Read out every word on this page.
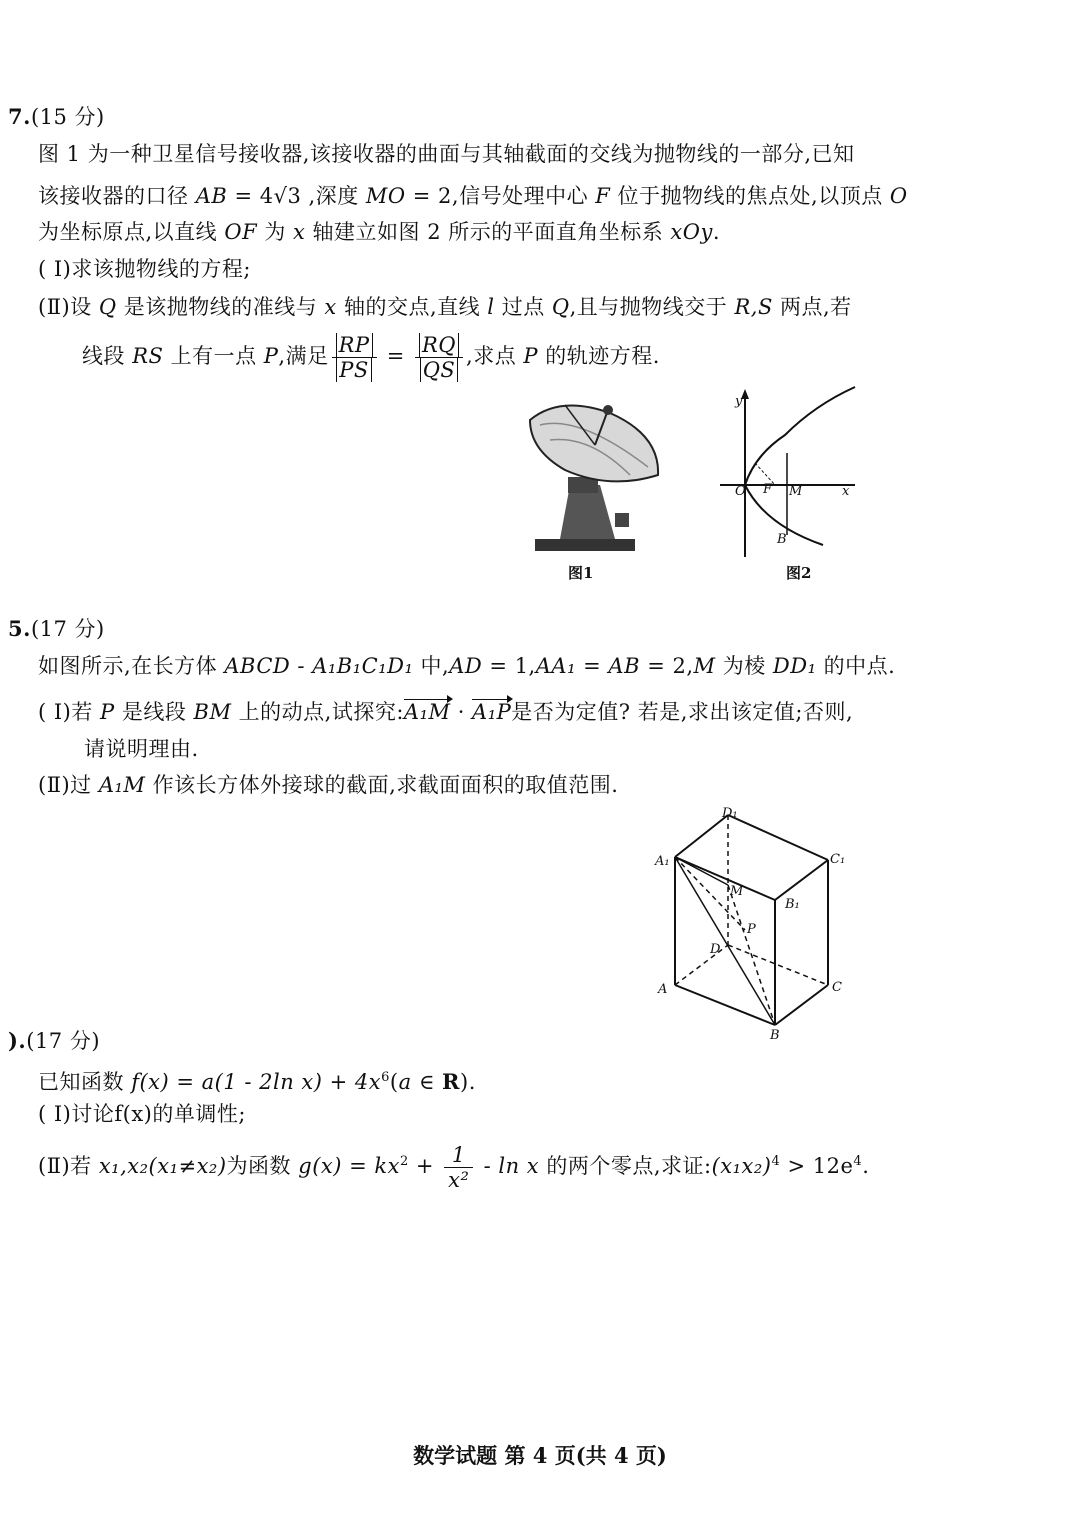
7.(15 分)
图 1 为一种卫星信号接收器,该接收器的曲面与其轴截面的交线为抛物线的一部分,已知
该接收器的口径 AB = 4√3 ,深度 MO = 2,信号处理中心 F 位于抛物线的焦点处,以顶点 O
为坐标原点,以直线 OF 为 x 轴建立如图 2 所示的平面直角坐标系 xOy.
( Ⅰ)求该抛物线的方程;
(Ⅱ)设 Q 是该抛物线的准线与 x 轴的交点,直线 l 过点 Q,且与抛物线交于 R,S 两点,若
线段 RS 上有一点 P,满足 $\frac{RP}{PS} = \frac{RQ}{QS}$ ,求点 P 的轨迹方程.
y
x
O F M
B
图1	图2
5.(17 分)
如图所示,在长方体 ABCD - A₁B₁C₁D₁ 中,AD = 1,AA₁ = AB = 2,M 为棱 DD₁ 的中点.
( Ⅰ)若 P 是线段 BM 上的动点,试探究:A₁M · A₁P是否为定值? 若是,求出该定值;否则,
请说明理由.
(Ⅱ)过 A₁M 作该长方体外接球的截面,求截面面积的取值范围.
D₁
A₁	C₁
M
B₁
P
D
A	C
B
).(17 分)
已知函数 f(x) = a(1 - 2ln $x) + 4x^6(a$ ∈ R).
( Ⅰ)讨论f(x)的单调性;
(Ⅱ)若 x₁,x₂(x₁≠x₂)为函数 $g(x) = kx^2 + \frac{1}{\text{x²}} - \ln x$ 的两个零点,求证$:(x_1x_2)^4 > 12e^4$.
数学试题 第 4 页(共 4 页)
